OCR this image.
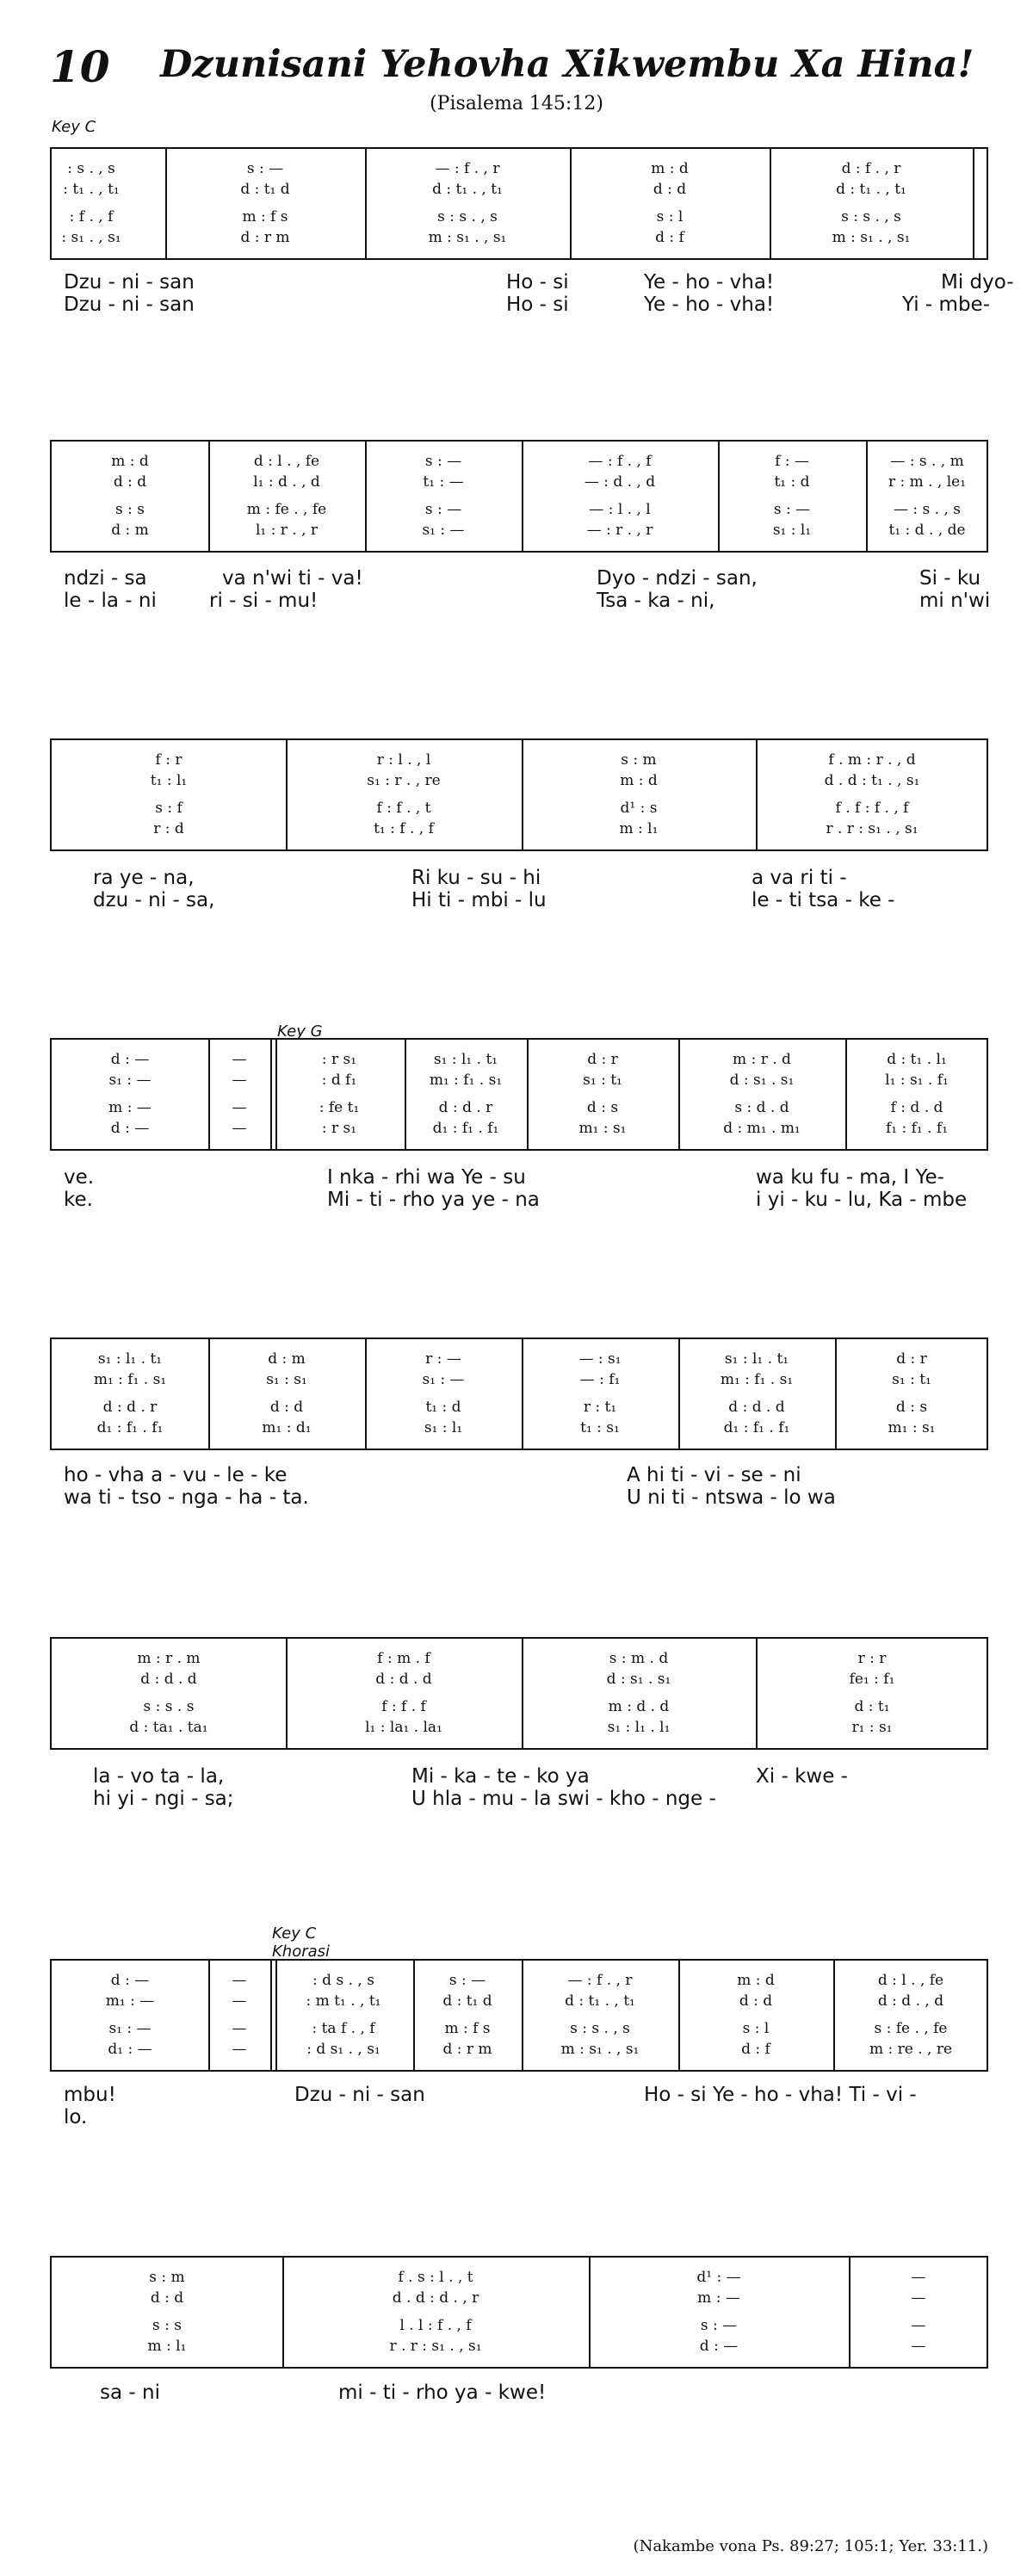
10 Dzunisani Yehovha Xikwembu Xa Hina!
(Pisalema 145:12)
Key C
Key G
Key C
Khorasi
: s . , s	s : —	— : f . , r	m : d	d : f . , r
: t₁ . , t₁	d : t₁ d	d : t₁ . , t₁	d : d	d : t₁ . , t₁
: f . , f	m : f s	s : s . , s	s : l	s : s . , s
: s₁ . , s₁	d : r m	m : s₁ . , s₁	d : f	m : s₁ . , s₁
Dzu - ni - san	Ho - si	Ye - ho - vha!	Mi dyo-
Dzu - ni - san	Ho - si	Ye - ho - vha!	Yi - mbe-
m : d	d : l . , fe	s : —	— : f . , f	f : —	— : s . , m
d : d	l₁ : d . , d	t₁ : —	— : d . , d	t₁ : d	r : m . , le₁
s : s	m : fe . , fe	s : —	— : l . , l	s : —	— : s . , s
d : m	l₁ : r . , r	s₁ : —	— : r . , r	s₁ : l₁	t₁ : d . , de
ndzi - sa	va n'wi ti - va!	Dyo - ndzi - san,	Si - ku
le - la - ni	ri - si - mu!	Tsa - ka - ni,	mi n'wi
f : r	r : l . , l	s : m	f . m : r . , d
t₁ : l₁	s₁ : r . , re	m : d	d . d : t₁ . , s₁
s : f	f : f . , t	d¹ : s	f . f : f . , f
r : d	t₁ : f . , f	m : l₁	r . r : s₁ . , s₁
ra ye - na,	Ri ku - su - hi	a va ri ti -
dzu - ni - sa,	Hi ti - mbi - lu	le - ti tsa - ke -
d : —	—	: r s₁	s₁ : l₁ . t₁	d : r	m : r . d	d : t₁ . l₁
s₁ : —	—	: d f₁	m₁ : f₁ . s₁	s₁ : t₁	d : s₁ . s₁	l₁ : s₁ . f₁
m : —	—	: fe t₁	d : d . r	d : s	s : d . d	f : d . d
d : —	—	: r s₁	d₁ : f₁ . f₁	m₁ : s₁	d : m₁ . m₁	f₁ : f₁ . f₁
ve.	I nka - rhi wa Ye - su	wa ku fu - ma, I Ye-
ke.	Mi - ti - rho ya ye - na	i yi - ku - lu, Ka - mbe
s₁ : l₁ . t₁	d : m	r : —	— : s₁	s₁ : l₁ . t₁	d : r
m₁ : f₁ . s₁	s₁ : s₁	s₁ : —	— : f₁	m₁ : f₁ . s₁	s₁ : t₁
d : d . r	d : d	t₁ : d	r : t₁	d : d . d	d : s
d₁ : f₁ . f₁	m₁ : d₁	s₁ : l₁	t₁ : s₁	d₁ : f₁ . f₁	m₁ : s₁
ho - vha a - vu - le - ke	A hi ti - vi - se - ni
wa ti - tso - nga - ha - ta.	U ni ti - ntswa - lo wa
m : r . m	f : m . f	s : m . d	r : r
d : d . d	d : d . d	d : s₁ . s₁	fe₁ : f₁
s : s . s	f : f . f	m : d . d	d : t₁
d : ta₁ . ta₁	l₁ : la₁ . la₁	s₁ : l₁ . l₁	r₁ : s₁
la - vo ta - la,	Mi - ka - te - ko ya	Xi - kwe -
hi yi - ngi - sa;	U hla - mu - la swi - kho - nge -
d : —	—	: d s . , s	s : —	— : f . , r	m : d	d : l . , fe
m₁ : —	—	: m t₁ . , t₁	d : t₁ d	d : t₁ . , t₁	d : d	d : d . , d
s₁ : —	—	: ta f . , f	m : f s	s : s . , s	s : l	s : fe . , fe
d₁ : —	—	: d s₁ . , s₁	d : r m	m : s₁ . , s₁	d : f	m : re . , re
mbu!	Dzu - ni - san	Ho - si Ye - ho - vha! Ti - vi -
lo.
s : m	f . s : l . , t	d¹ : —	—
d : d	d . d : d . , r	m : —	—
s : s	l . l : f . , f	s : —	—
m : l₁	r . r : s₁ . , s₁	d : —	—
sa - ni	mi - ti - rho ya - kwe!
(Nakambe vona Ps. 89:27; 105:1; Yer. 33:11.)
